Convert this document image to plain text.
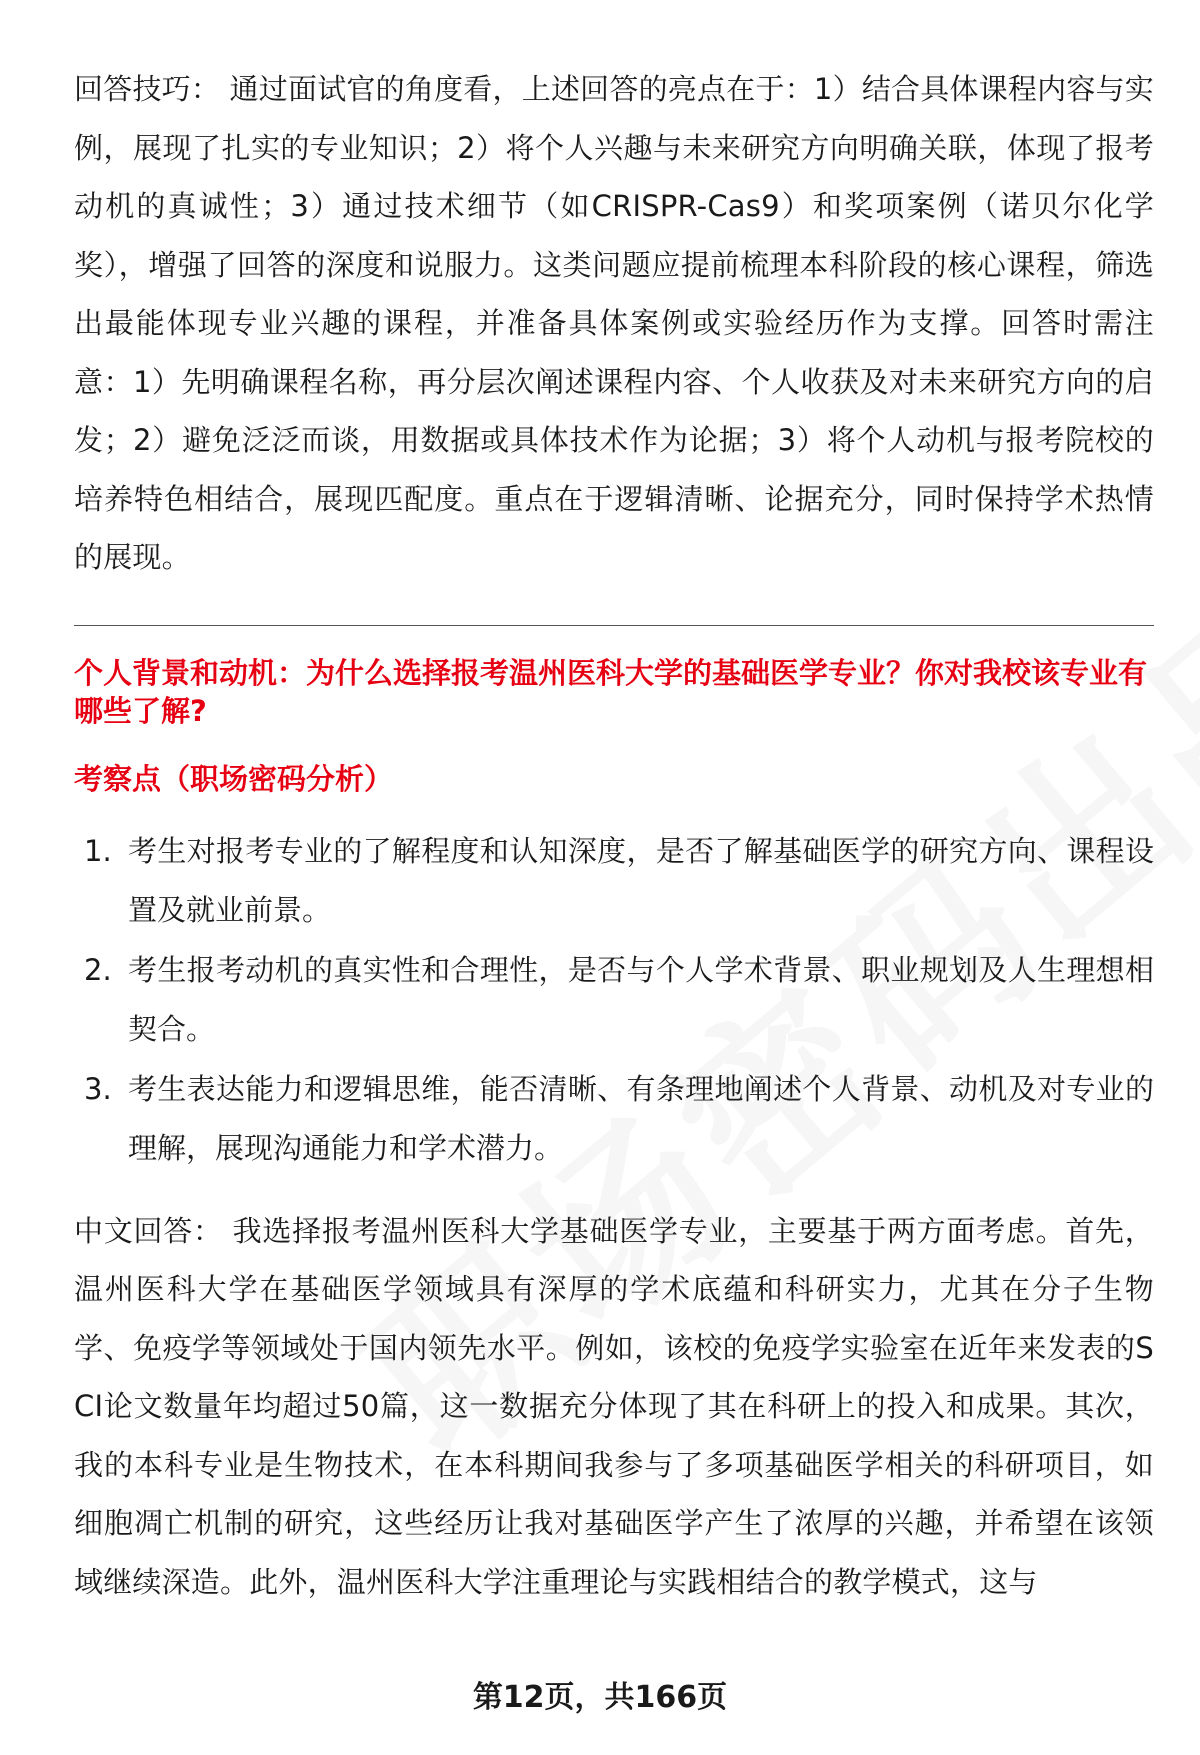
回答技巧： 通过面试官的角度看，上述回答的亮点在于：1）结合具体课程内容与实例，展现了扎实的专业知识；2）将个人兴趣与未来研究方向明确关联，体现了报考动机的真诚性；3）通过技术细节（如CRISPR-Cas9）和奖项案例（诺贝尔化学奖），增强了回答的深度和说服力。这类问题应提前梳理本科阶段的核心课程，筛选出最能体现专业兴趣的课程，并准备具体案例或实验经历作为支撑。回答时需注意：1）先明确课程名称，再分层次阐述课程内容、个人收获及对未来研究方向的启发；2）避免泛泛而谈，用数据或具体技术作为论据；3）将个人动机与报考院校的培养特色相结合，展现匹配度。重点在于逻辑清晰、论据充分，同时保持学术热情的展现。

个人背景和动机：为什么选择报考温州医科大学的基础医学专业？你对我校该专业有哪些了解?

考察点（职场密码分析）

1. 考生对报考专业的了解程度和认知深度，是否了解基础医学的研究方向、课程设置及就业前景。
2. 考生报考动机的真实性和合理性，是否与个人学术背景、职业规划及人生理想相契合。
3. 考生表达能力和逻辑思维，能否清晰、有条理地阐述个人背景、动机及对专业的理解，展现沟通能力和学术潜力。

中文回答： 我选择报考温州医科大学基础医学专业，主要基于两方面考虑。首先，温州医科大学在基础医学领域具有深厚的学术底蕴和科研实力，尤其在分子生物学、免疫学等领域处于国内领先水平。例如，该校的免疫学实验室在近年来发表的SCI论文数量年均超过50篇，这一数据充分体现了其在科研上的投入和成果。其次，我的本科专业是生物技术，在本科期间我参与了多项基础医学相关的科研项目，如细胞凋亡机制的研究，这些经历让我对基础医学产生了浓厚的兴趣，并希望在该领域继续深造。此外，温州医科大学注重理论与实践相结合的教学模式，这与

第12页，共166页
